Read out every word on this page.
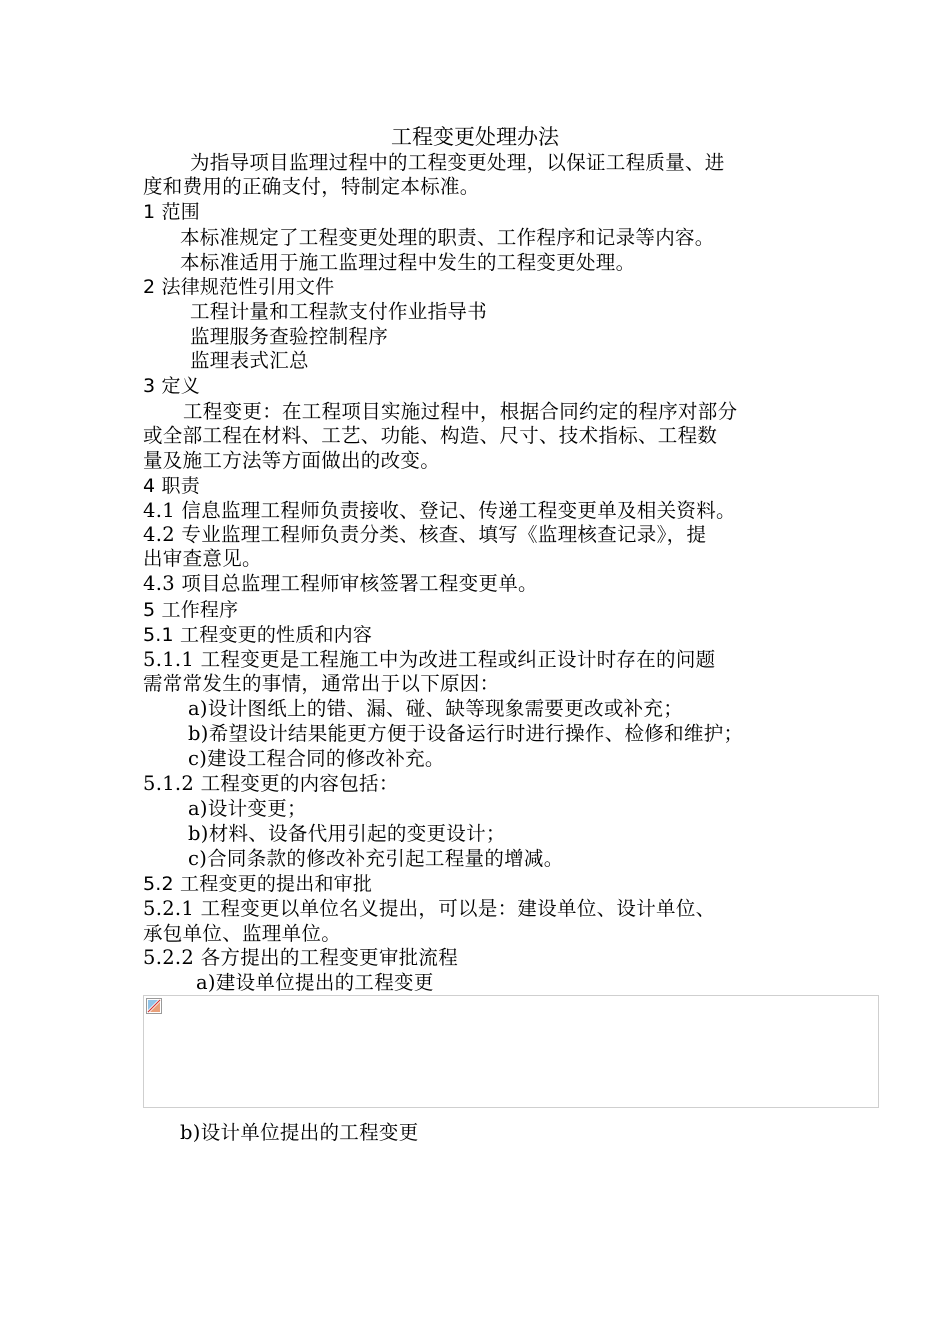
工程变更处理办法
为指导项目监理过程中的工程变更处理，以保证工程质量、进
度和费用的正确支付，特制定本标准。
1 范围
本标准规定了工程变更处理的职责、工作程序和记录等内容。
本标准适用于施工监理过程中发生的工程变更处理。
2 法律规范性引用文件
工程计量和工程款支付作业指导书
监理服务查验控制程序
监理表式汇总
3 定义
工程变更：在工程项目实施过程中，根据合同约定的程序对部分
或全部工程在材料、工艺、功能、构造、尺寸、技术指标、工程数
量及施工方法等方面做出的改变。
4 职责
4.1 信息监理工程师负责接收、登记、传递工程变更单及相关资料。
4.2 专业监理工程师负责分类、核查、填写《监理核查记录》，提
出审查意见。
4.3 项目总监理工程师审核签署工程变更单。
5 工作程序
5.1 工程变更的性质和内容
5.1.1 工程变更是工程施工中为改进工程或纠正设计时存在的问题
需常常发生的事情，通常出于以下原因：
a)设计图纸上的错、漏、碰、缺等现象需要更改或补充；
b)希望设计结果能更方便于设备运行时进行操作、检修和维护；
c)建设工程合同的修改补充。
5.1.2 工程变更的内容包括：
a)设计变更；
b)材料、设备代用引起的变更设计；
c)合同条款的修改补充引起工程量的增减。
5.2 工程变更的提出和审批
5.2.1 工程变更以单位名义提出，可以是：建设单位、设计单位、
承包单位、监理单位。
5.2.2 各方提出的工程变更审批流程
a)建设单位提出的工程变更
b)设计单位提出的工程变更
